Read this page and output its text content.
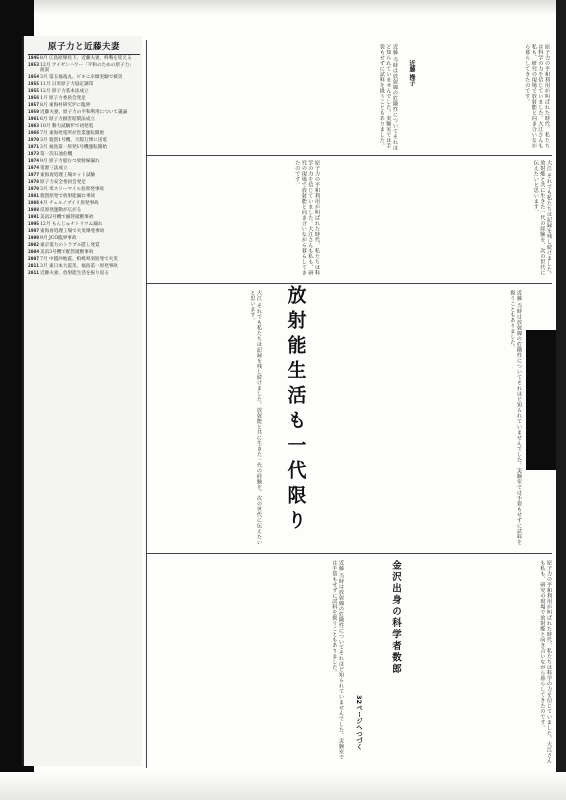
原子力と近藤夫妻
19458月 広島原爆投下。近藤夫妻、終戦を迎える
195312月 アイゼンハワー「平和のための原子力」演説
19543月 第五福竜丸、ビキニ水爆実験で被災
195511月 日米原子力協定調印
195512月 原子力基本法成立
19561月 原子力委員会発足
19578月 東海村研究炉に臨界
1959近藤夫妻、原子力の平和利用について議論
19616月 原子力損害賠償法成立
196310月 動力試験炉で初発電
19667月 東海発電所が営業運転開始
19703月 敦賀1号機、大阪万博に送電
19713月 福島第一原発1号機運転開始
1973第一次石油危機
19749月 原子力船むつ放射線漏れ
1974電源三法成立
1977東海再処理工場ホット試験
1978原子力安全委員会発足
19793月 米スリーマイル島原発事故
1981敦賀原発で放射能漏れ事故
19864月 チェルノブイリ原発事故
1988反原発運動が広がる
1991美浜2号機で細管破断事故
199512月 もんじゅナトリウム漏れ
1997東海再処理工場で火災爆発事故
19999月 JCO臨界事故
2002東京電力のトラブル隠し発覚
2004美浜3号機で配管破断事故
20077月 中越沖地震、柏崎刈羽原発で火災
20113月 東日本大震災、福島第一原発事故
2011近藤夫妻、放射能生活を振り返る
原子力の平和利用が叫ばれた時代、私たちは科学の力を信じていました。大江さんも私も、研究の現場で放射能と向き合いながら暮らしてきたのです。
近藤 当時は放射線の危険性についてそれほど知られていませんでした。実験室では手袋もせずに試料を扱うこともありました。	近藤 操子
大江 それでも私たちは記録を残し続けました。放射能と共に生きた一代の経験を、次の世代に伝えたいと思います。
原子力の平和利用が叫ばれた時代、私たちは科学の力を信じていました。大江さんも私も、研究の現場で放射能と向き合いながら暮らしてきたのです。
放射能生活も一代限り	近藤 当時は放射線の危険性についてそれほど知られていませんでした。実験室では手袋もせずに試料を扱うこともありました。
大江 それでも私たちは記録を残し続けました。放射能と共に生きた一代の経験を、次の世代に伝えたいと思います。
原子力の平和利用が叫ばれた時代、私たちは科学の力を信じていました。大江さんも私も、研究の現場で放射能と向き合いながら暮らしてきたのです。
金沢出身の科学者数郎
32ページへつづく
近藤 当時は放射線の危険性についてそれほど知られていませんでした。実験室では手袋もせずに試料を扱うこともありました。
